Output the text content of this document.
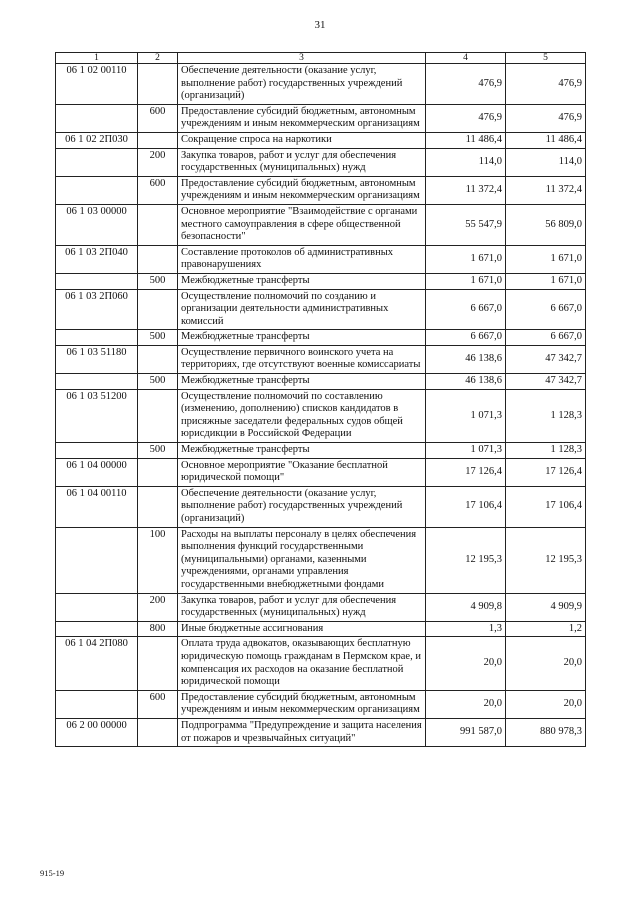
31
1	2	3	4	5
06 1 02 00110		Обеспечение деятельности (оказание услуг, выполнение работ) государственных учреждений (организаций)	476,9	476,9
	600	Предоставление субсидий бюджетным, автономным учреждениям и иным некоммерческим организациям	476,9	476,9
06 1 02 2П030		Сокращение спроса на наркотики	11 486,4	11 486,4
	200	Закупка товаров, работ и услуг для обеспечения государственных (муниципальных) нужд	114,0	114,0
	600	Предоставление субсидий бюджетным, автономным учреждениям и иным некоммерческим организациям	11 372,4	11 372,4
06 1 03 00000		Основное мероприятие "Взаимодействие с органами местного самоуправления в сфере общественной безопасности"	55 547,9	56 809,0
06 1 03 2П040		Составление протоколов об административных правонарушениях	1 671,0	1 671,0
	500	Межбюджетные трансферты	1 671,0	1 671,0
06 1 03 2П060		Осуществление полномочий по созданию и организации деятельности административных комиссий	6 667,0	6 667,0
	500	Межбюджетные трансферты	6 667,0	6 667,0
06 1 03 51180		Осуществление первичного воинского учета на территориях, где отсутствуют военные комиссариаты	46 138,6	47 342,7
	500	Межбюджетные трансферты	46 138,6	47 342,7
06 1 03 51200		Осуществление полномочий по составлению (изменению, дополнению) списков кандидатов в присяжные заседатели федеральных судов общей юрисдикции в Российской Федерации	1 071,3	1 128,3
	500	Межбюджетные трансферты	1 071,3	1 128,3
06 1 04 00000		Основное мероприятие "Оказание бесплатной юридической помощи"	17 126,4	17 126,4
06 1 04 00110		Обеспечение деятельности (оказание услуг, выполнение работ) государственных учреждений (организаций)	17 106,4	17 106,4
	100	Расходы на выплаты персоналу в целях обеспечения выполнения функций государственными (муниципальными) органами, казенными учреждениями, органами управления государственными внебюджетными фондами	12 195,3	12 195,3
	200	Закупка товаров, работ и услуг для обеспечения государственных (муниципальных) нужд	4 909,8	4 909,9
	800	Иные бюджетные ассигнования	1,3	1,2
06 1 04 2П080		Оплата труда адвокатов, оказывающих бесплатную юридическую помощь гражданам в Пермском крае, и компенсация их расходов на оказание бесплатной юридической помощи	20,0	20,0
	600	Предоставление субсидий бюджетным, автономным учреждениям и иным некоммерческим организациям	20,0	20,0
06 2 00 00000		Подпрограмма "Предупреждение и защита населения от пожаров и чрезвычайных ситуаций"	991 587,0	880 978,3
915-19
